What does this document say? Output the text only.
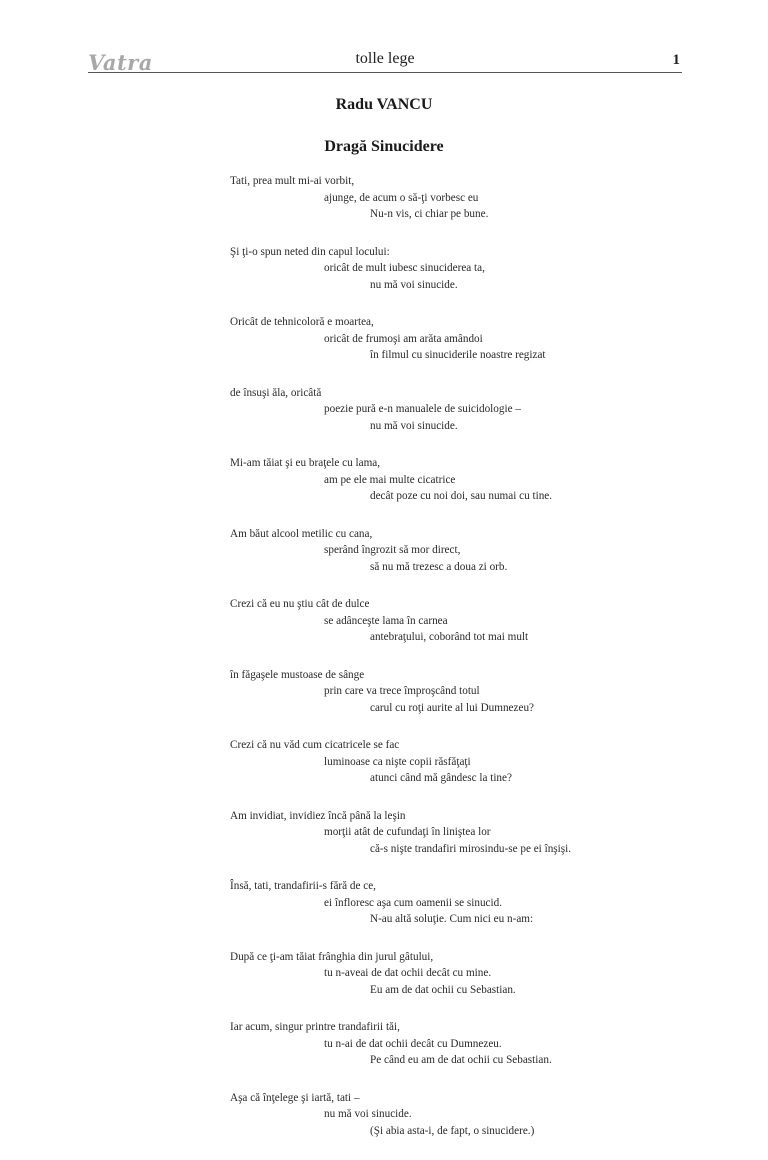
Vatra	tolle lege	1
Radu VANCU
Dragă Sinucidere
Tati, prea mult mi-ai vorbit,
ajunge, de acum o să-ţi vorbesc eu
Nu-n vis, ci chiar pe bune.
Şi ţi-o spun neted din capul locului:
oricât de mult iubesc sinuciderea ta,
nu mă voi sinucide.
Oricât de tehnicoloră e moartea,
oricât de frumoşi am arăta amândoi
în filmul cu sinuciderile noastre regizat
de însuşi ăla, oricâtă
poezie pură e-n manualele de suicidologie –
nu mă voi sinucide.
Mi-am tăiat şi eu braţele cu lama,
am pe ele mai multe cicatrice
decât poze cu noi doi, sau numai cu tine.
Am băut alcool metilic cu cana,
sperând îngrozit să mor direct,
să nu mă trezesc a doua zi orb.
Crezi că eu nu ştiu cât de dulce
se adânceşte lama în carnea
antebraţului, coborând tot mai mult
în făgaşele mustoase de sânge
prin care va trece împroşcând totul
carul cu roţi aurite al lui Dumnezeu?
Crezi că nu văd cum cicatricele se fac
luminoase ca nişte copii răsfăţaţi
atunci când mă gândesc la tine?
Am invidiat, invidiez încă până la leşin
morţii atât de cufundaţi în liniştea lor
că-s nişte trandafiri mirosindu-se pe ei înşişi.
Însă, tati, trandafirii-s fără de ce,
ei înfloresc aşa cum oamenii se sinucid.
N-au altă soluţie. Cum nici eu n-am:
După ce ţi-am tăiat frânghia din jurul gâtului,
tu n-aveai de dat ochii decât cu mine.
Eu am de dat ochii cu Sebastian.
Iar acum, singur printre trandafirii tăi,
tu n-ai de dat ochii decât cu Dumnezeu.
Pe când eu am de dat ochii cu Sebastian.
Aşa că înţelege şi iartă, tati –
nu mă voi sinucide.
(Şi abia asta-i, de fapt, o sinucidere.)
